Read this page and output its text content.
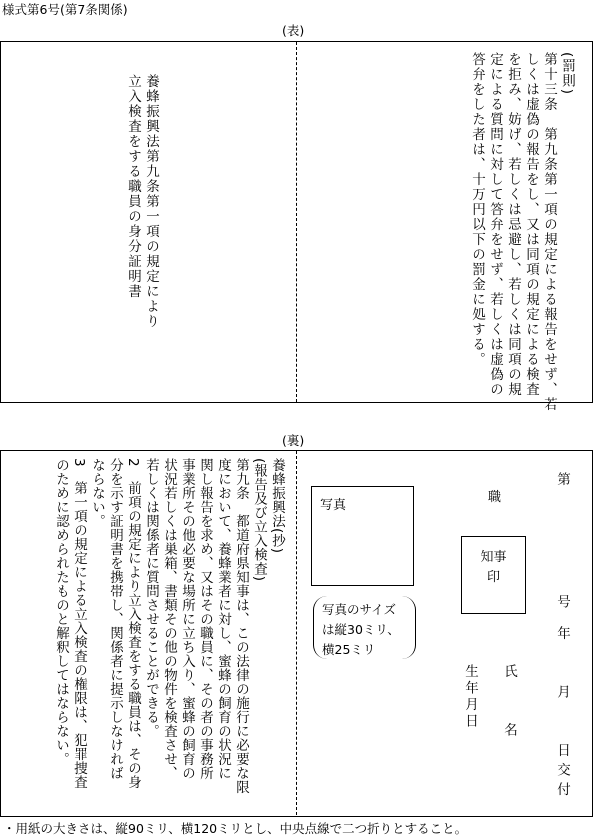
様式第6号(第7条関係)
(表)
養蜂振興法第九条第一項の規定により
立入検査をする職員の身分証明書
(罰則)
第十三条　第九条第一項の規定による報告をせず、若
しくは虚偽の報告をし、又は同項の規定による検査
を拒み、妨げ、若しくは忌避し、若しくは同項の規
定による質問に対して答弁をせず、若しくは虚偽の
答弁をした者は、十万円以下の罰金に処する。
(裏)
養蜂振興法(抄)
(報告及び立入検査)
第九条　都道府県知事は、この法律の施行に必要な限
度において、養蜂業者に対し、蜜蜂の飼育の状況に
関し報告を求め、又はその職員に、その者の事務所
事業所その他必要な場所に立ち入り、蜜蜂の飼育の
状況若しくは巣箱、書類その他の物件を検査させ、
若しくは関係者に質問させることができる。
2　前項の規定により立入検査をする職員は、その身
分を示す証明書を携帯し、関係者に提示しなければ
ならない。
3　第一項の規定による立入検査の権限は、犯罪捜査
のために認められたものと解釈してはならない。	写真
写真のサイズ
は縦30ミリ、
横25ミリ
職
知事
印	第　　　　号
年　　月　　日交付
氏　　名
生年月日
・用紙の大きさは、縦90ミリ、横120ミリとし、中央点線で二つ折りとすること。
